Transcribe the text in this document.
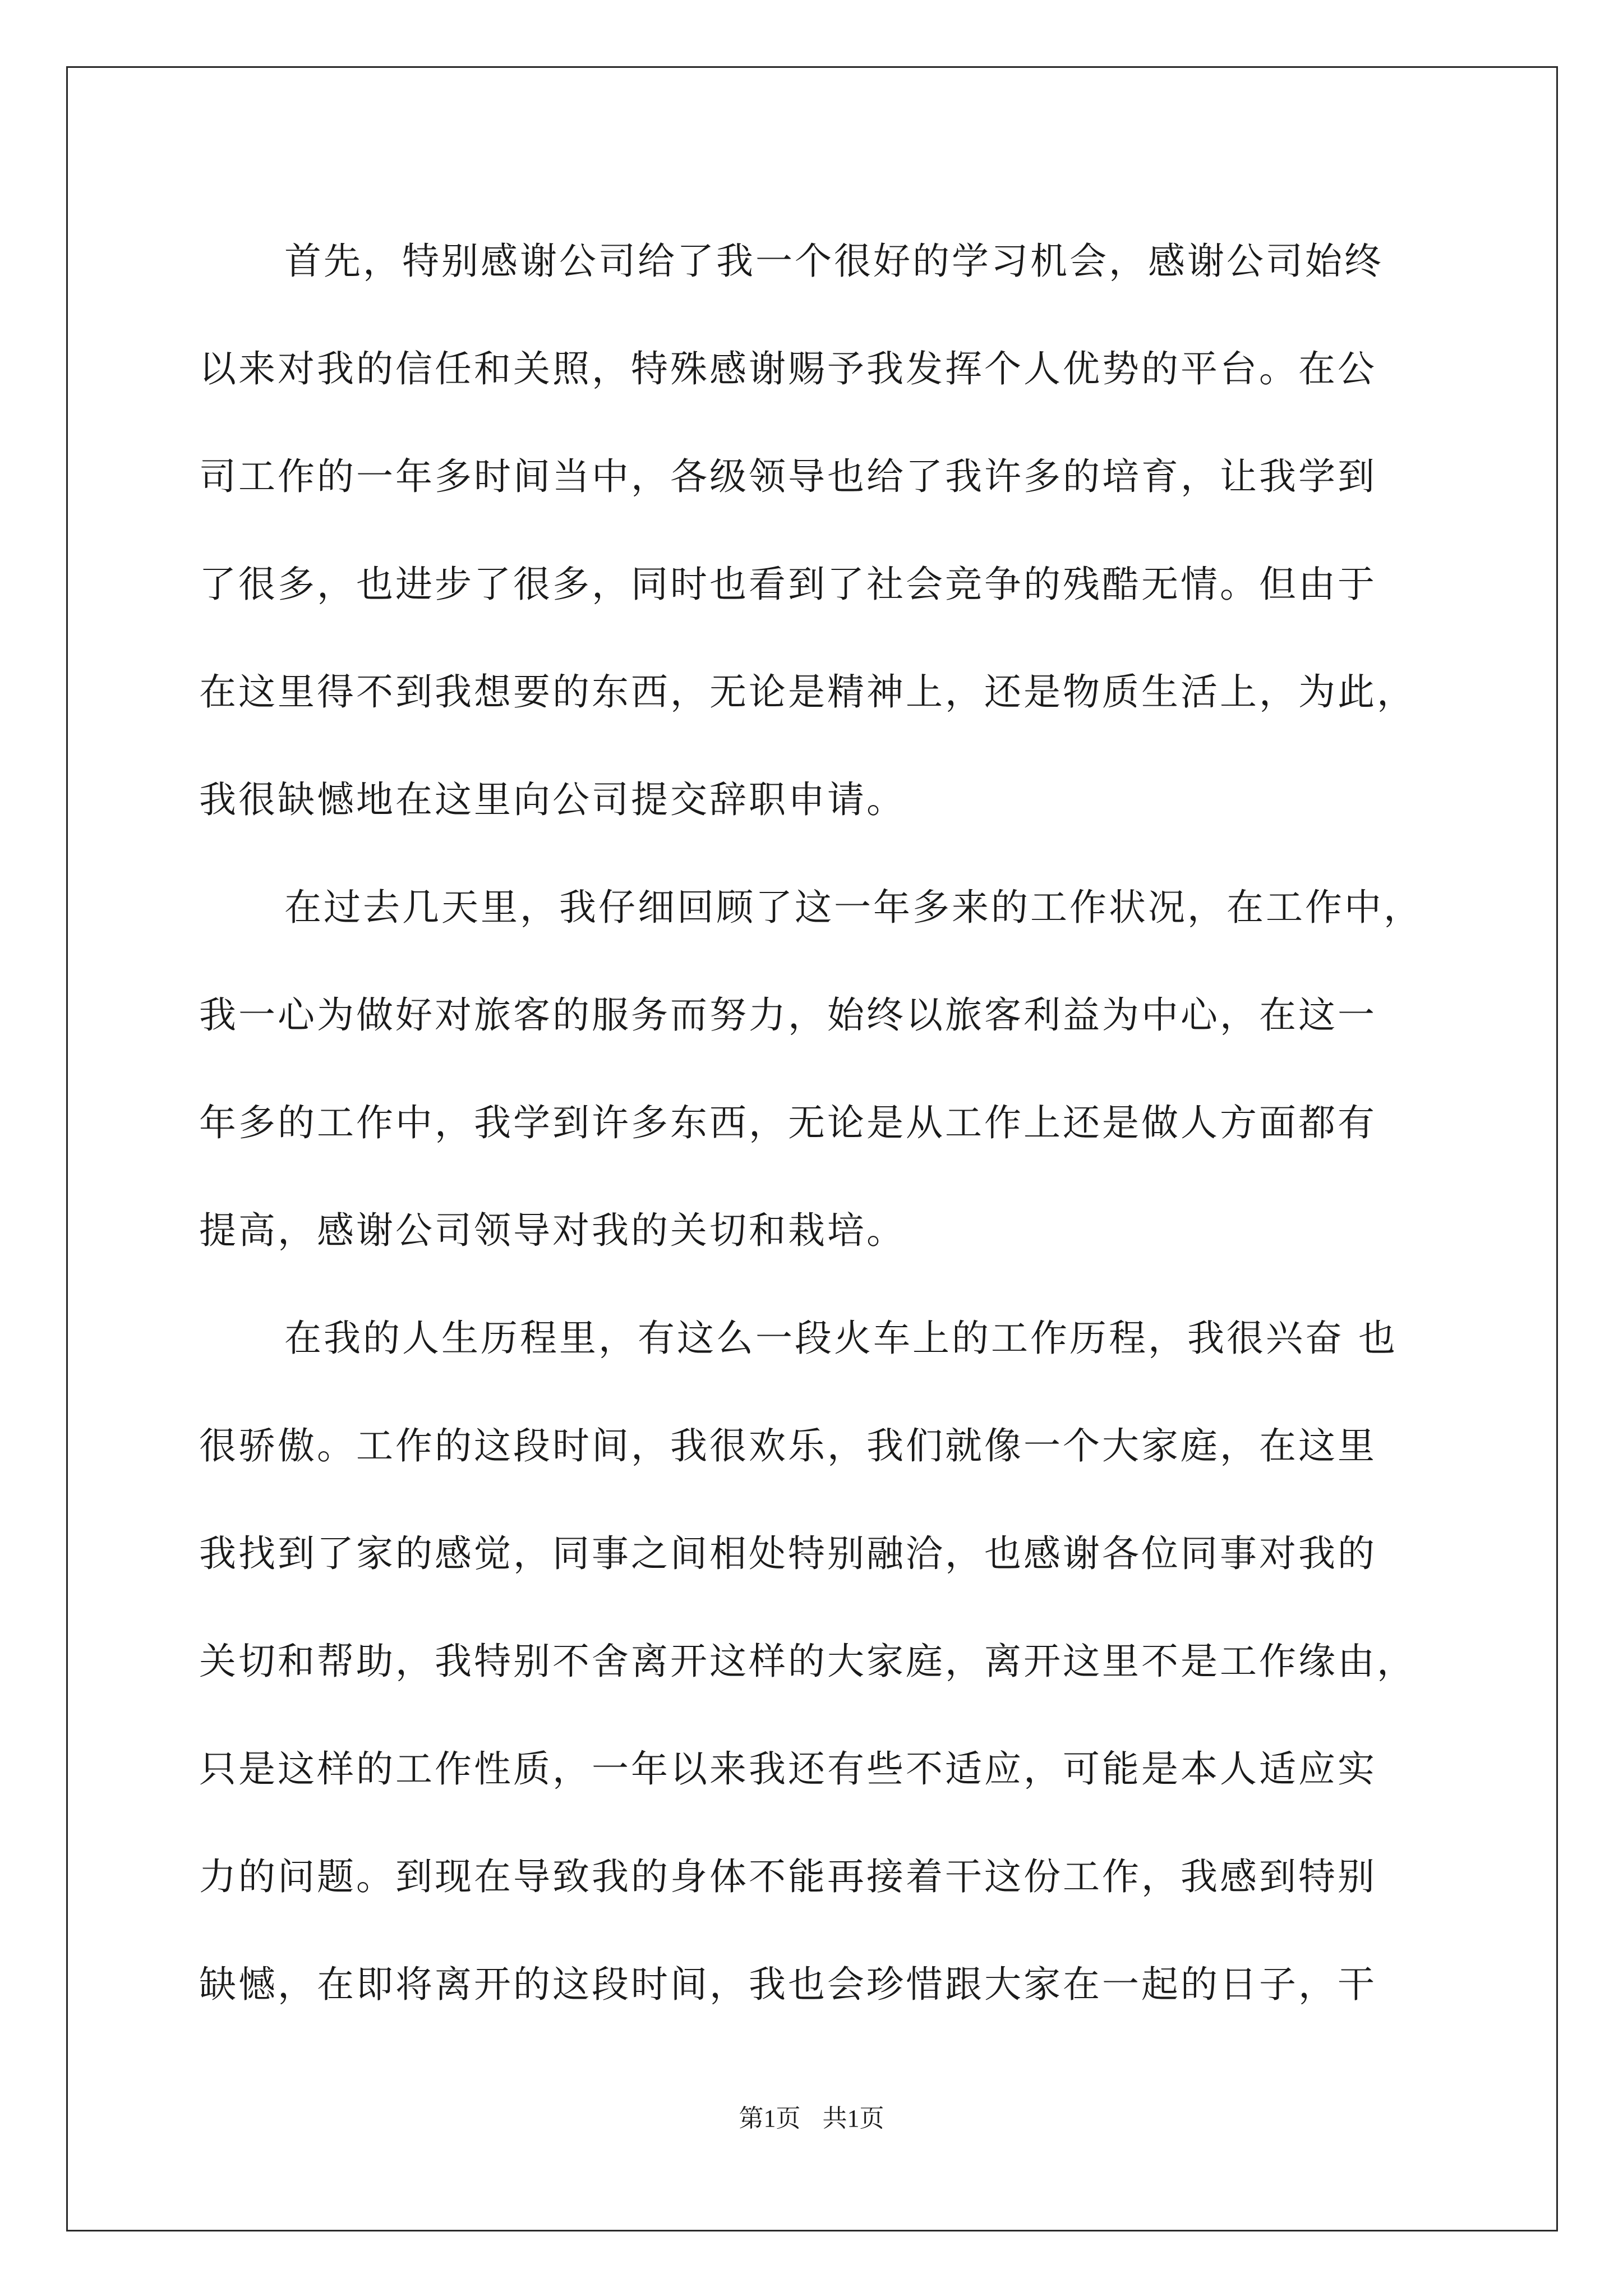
首先，特别感谢公司给了我一个很好的学习机会，感谢公司始终
以来对我的信任和关照，特殊感谢赐予我发挥个人优势的平台。在公
司工作的一年多时间当中，各级领导也给了我许多的培育，让我学到
了很多，也进步了很多，同时也看到了社会竞争的残酷无情。但由于
在这里得不到我想要的东西，无论是精神上，还是物质生活上，为此，
我很缺憾地在这里向公司提交辞职申请。
在过去几天里，我仔细回顾了这一年多来的工作状况，在工作中，
我一心为做好对旅客的服务而努力，始终以旅客利益为中心，在这一
年多的工作中，我学到许多东西，无论是从工作上还是做人方面都有
提高，感谢公司领导对我的关切和栽培。
在我的人生历程里，有这么一段火车上的工作历程，我很兴奋 也
很骄傲。工作的这段时间，我很欢乐，我们就像一个大家庭，在这里
我找到了家的感觉，同事之间相处特别融洽，也感谢各位同事对我的
关切和帮助，我特别不舍离开这样的大家庭，离开这里不是工作缘由，
只是这样的工作性质，一年以来我还有些不适应，可能是本人适应实
力的问题。到现在导致我的身体不能再接着干这份工作，我感到特别
缺憾，在即将离开的这段时间，我也会珍惜跟大家在一起的日子，干
第1页 共1页
